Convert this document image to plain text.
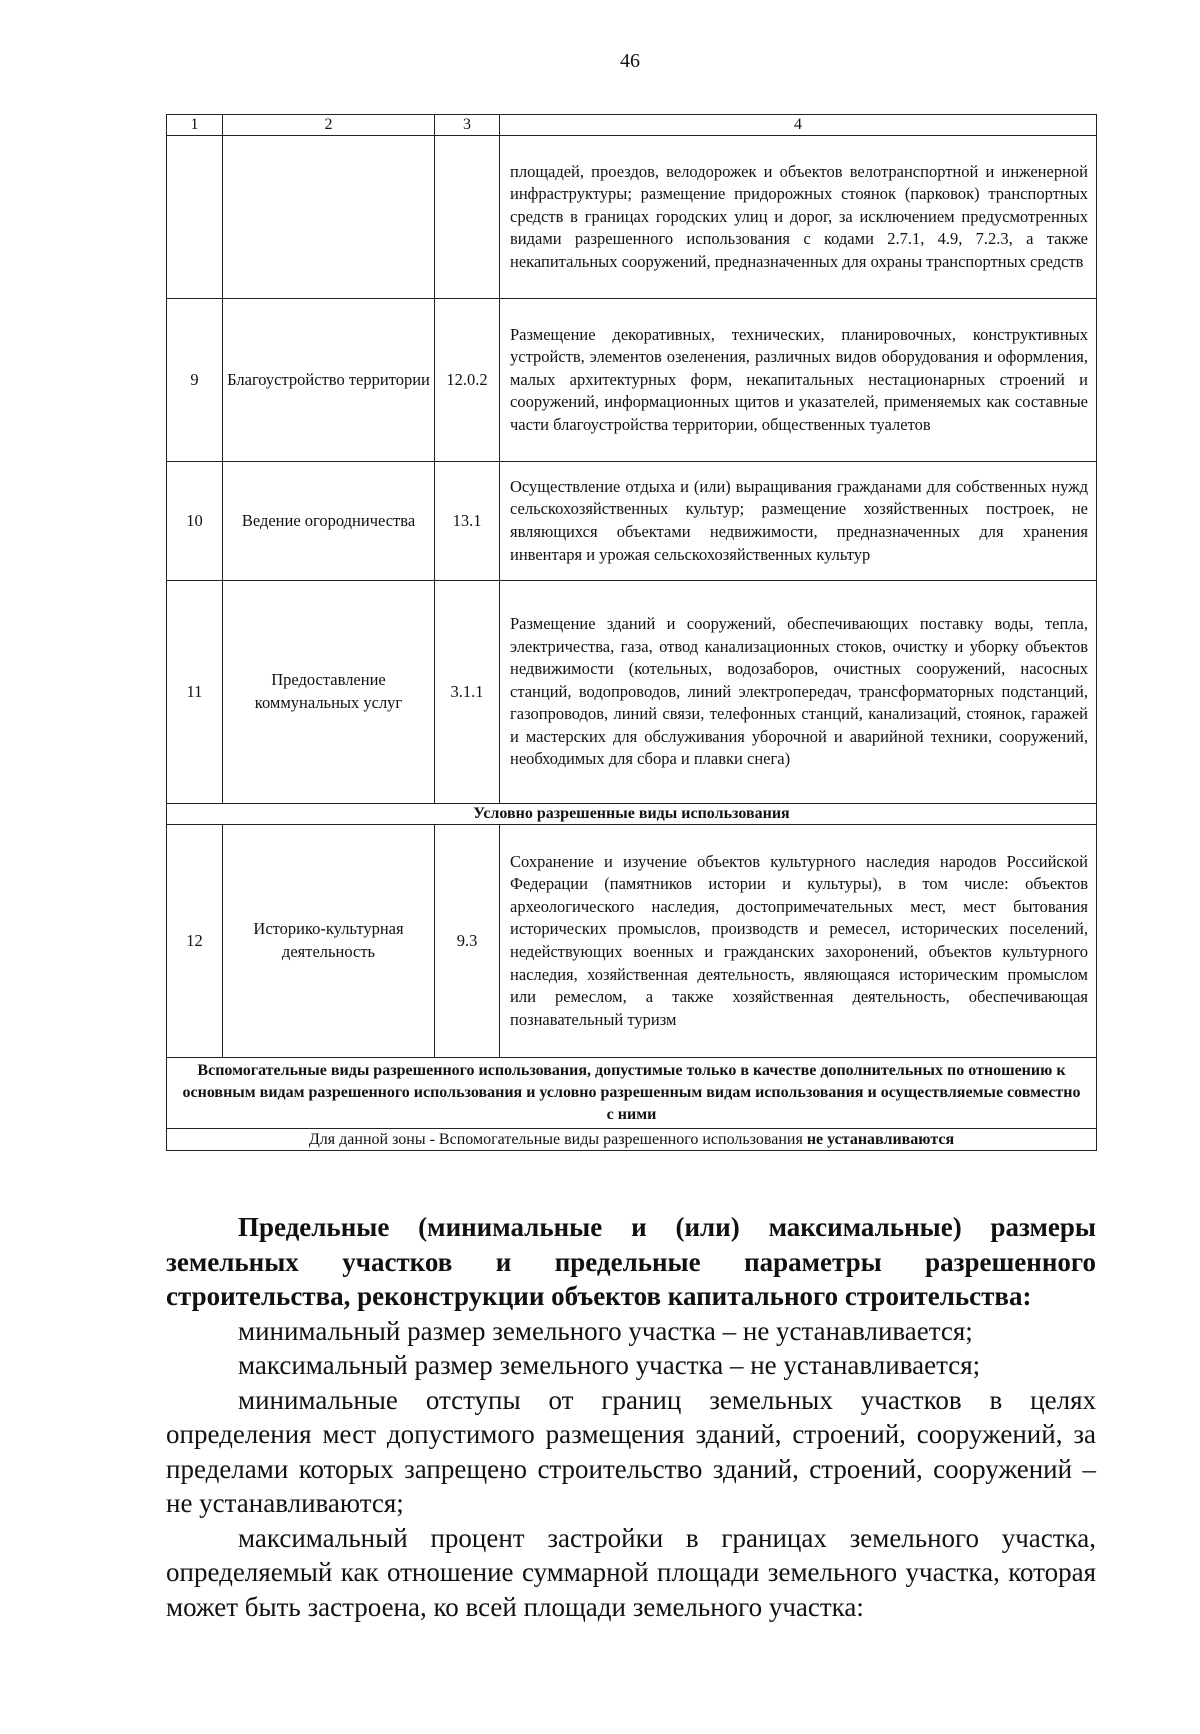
46
1	2	3	4
			площадей, проездов, велодорожек и объектов велотранспортной и инженерной инфраструктуры; размещение придорожных стоянок (парковок) транспортных средств в границах городских улиц и дорог, за исключением предусмотренных видами разрешенного использования с кодами 2.7.1, 4.9, 7.2.3, а также некапитальных сооружений, предназначенных для охраны транспортных средств
9	Благоустройство территории	12.0.2	Размещение декоративных, технических, планировочных, конструктивных устройств, элементов озеленения, различных видов оборудования и оформления, малых архитектурных форм, некапитальных нестационарных строений и сооружений, информационных щитов и указателей, применяемых как составные части благоустройства территории, общественных туалетов
10	Ведение огородничества	13.1	Осуществление отдыха и (или) выращивания гражданами для собственных нужд сельскохозяйственных культур; размещение хозяйственных построек, не являющихся объектами недвижимости, предназначенных для хранения инвентаря и урожая сельскохозяйственных культур
11	Предоставление коммунальных услуг	3.1.1	Размещение зданий и сооружений, обеспечивающих поставку воды, тепла, электричества, газа, отвод канализационных стоков, очистку и уборку объектов недвижимости (котельных, водозаборов, очистных сооружений, насосных станций, водопроводов, линий электропередач, трансформаторных подстанций, газопроводов, линий связи, телефонных станций, канализаций, стоянок, гаражей и мастерских для обслуживания уборочной и аварийной техники, сооружений, необходимых для сбора и плавки снега)
Условно разрешенные виды использования			
12	Историко-культурная деятельность	9.3	Сохранение и изучение объектов культурного наследия народов Российской Федерации (памятников истории и культуры), в том числе: объектов археологического наследия, достопримечательных мест, мест бытования исторических промыслов, производств и ремесел, исторических поселений, недействующих военных и гражданских захоронений, объектов культурного наследия, хозяйственная деятельность, являющаяся историческим промыслом или ремеслом, а также хозяйственная деятельность, обеспечивающая познавательный туризм
Вспомогательные виды разрешенного использования, допустимые только в качестве дополнительных по отношению к основным видам разрешенного использования и условно разрешенным видам использования и осуществляемые совместно с ними			
Для данной зоны - Вспомогательные виды разрешенного использования не устанавливаются			

Предельные (минимальные и (или) максимальные) размеры земельных участков и предельные параметры разрешенного строительства, реконструкции объектов капитального строительства:

минимальный размер земельного участка – не устанавливается;

максимальный размер земельного участка – не устанавливается;

минимальные отступы от границ земельных участков в целях определения мест допустимого размещения зданий, строений, сооружений, за пределами которых запрещено строительство зданий, строений, сооружений – не устанавливаются;

максимальный процент застройки в границах земельного участка, определяемый как отношение суммарной площади земельного участка, которая может быть застроена, ко всей площади земельного участка:
